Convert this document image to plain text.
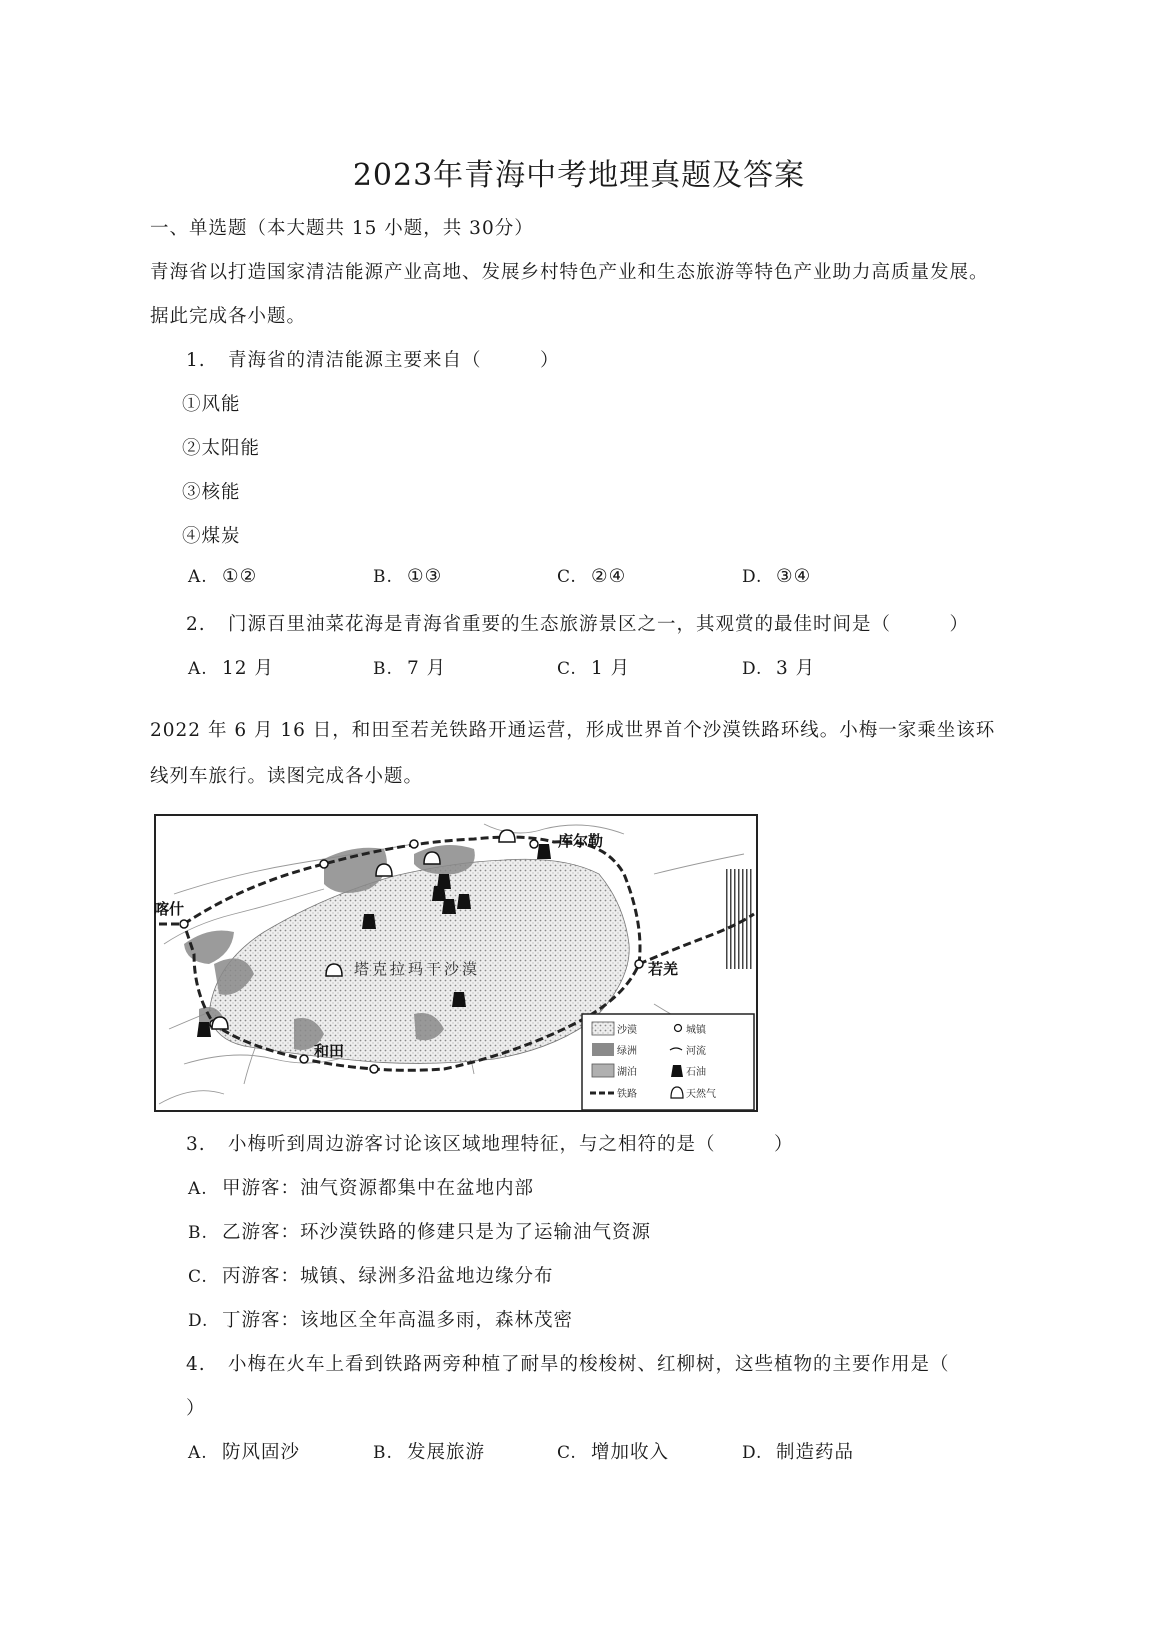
2023年青海中考地理真题及答案
一、单选题（本大题共 15 小题，共 30分）
青海省以打造国家清洁能源产业高地、发展乡村特色产业和生态旅游等特色产业助力高质量发展。
据此完成各小题。
1. 青海省的清洁能源主要来自（　　　）
①风能
②太阳能
③核能
④煤炭
A. ①②	B. ①③	C. ②④	D. ③④
2. 门源百里油菜花海是青海省重要的生态旅游景区之一，其观赏的最佳时间是（　　　）
A. 12 月	B. 7 月	C. 1 月	D. 3 月
2022 年 6 月 16 日，和田至若羌铁路开通运营，形成世界首个沙漠铁路环线。小梅一家乘坐该环
线列车旅行。读图完成各小题。
库尔勒
喀什
塔克拉玛干沙漠	若羌
和田
沙漠	城镇
绿洲	河流
湖泊	石油
铁路	天然气
3. 小梅听到周边游客讨论该区域地理特征，与之相符的是（　　　）
A. 甲游客：油气资源都集中在盆地内部
B. 乙游客：环沙漠铁路的修建只是为了运输油气资源
C. 丙游客：城镇、绿洲多沿盆地边缘分布
D. 丁游客：该地区全年高温多雨，森林茂密
4. 小梅在火车上看到铁路两旁种植了耐旱的梭梭树、红柳树，这些植物的主要作用是（
）
A. 防风固沙	B. 发展旅游	C. 增加收入	D. 制造药品
